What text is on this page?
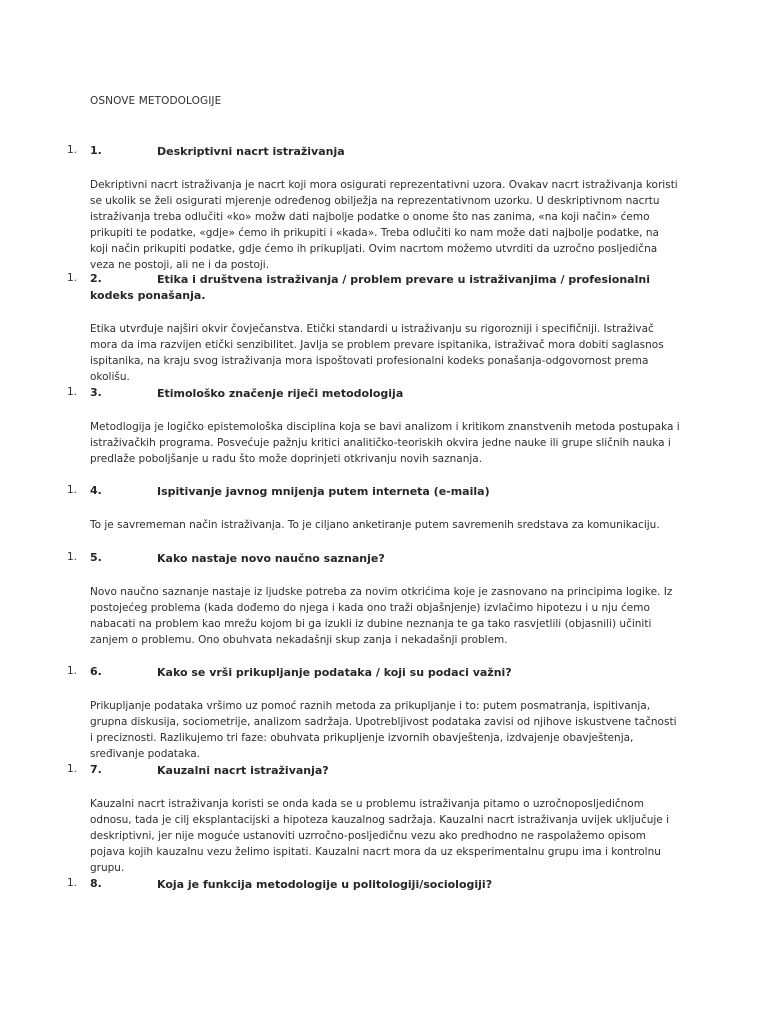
OSNOVE METODOLOGIJE
1. 1.	Deskriptivni nacrt istraživanja
Dekriptivni nacrt istraživanja je nacrt koji mora osigurati reprezentativni uzora. Ovakav nacrt istraživanja koristi se ukolik se želi osigurati mjerenje određenog obilježja na reprezentativnom uzorku. U deskriptivnom nacrtu istraživanja treba odlučiti «ko» možw dati najbolje podatke o onome što nas zanima, «na koji način» ćemo prikupiti te podatke, «gdje» ćemo ih prikupiti i «kada». Treba odlučiti ko nam može dati najbolje podatke, na koji način prikupiti podatke, gdje ćemo ih prikupljati. Ovim nacrtom možemo utvrditi da uzročno posljedična veza ne postoji, ali ne i da postoji.
1. 2.	Etika i društvena istraživanja / problem prevare u istraživanjima / profesionalni kodeks ponašanja.
Etika utvrđuje najširi okvir čovječanstva. Etički standardi u istraživanju su rigorozniji i specifičniji. Istraživač mora da ima razvijen etički senzibilitet. Javlja se problem prevare ispitanika, istraživač mora dobiti saglasnos ispitanika, na kraju svog istraživanja mora ispoštovati profesionalni kodeks ponašanja-odgovornost prema okolišu.
1. 3.	Etimološko značenje riječi metodologija
Metodlogija je logičko epistemološka disciplina koja se bavi analizom i kritikom znanstvenih metoda postupaka i istraživačkih programa. Posvećuje pažnju kritici analitičko-teoriskih okvira jedne nauke ili grupe sličnih nauka i predlaže poboljšanje u radu što može doprinjeti otkrivanju novih saznanja.
1. 4.	Ispitivanje javnog mnijenja putem interneta (e-maila)
To je savrememan način istraživanja. To je ciljano anketiranje putem savremenih sredstava za komunikaciju.
1. 5.	Kako nastaje novo naučno saznanje?
Novo naučno saznanje nastaje iz ljudske potreba za novim otkrićima koje je zasnovano na principima logike. Iz postojećeg problema (kada dođemo do njega i kada ono traži objašnjenje) izvlačimo hipotezu i u nju ćemo nabacati na problem kao mrežu kojom bi ga izukli iz dubine neznanja te ga tako rasvjetlili (objasnili) učiniti zanjem o problemu. Ono obuhvata nekadašnji skup zanja i nekadašnji problem.
1. 6.	Kako se vrši prikupljanje podataka / koji su podaci važni?
Prikupljanje podataka vršimo uz pomoć raznih metoda za prikupljanje i to: putem posmatranja, ispitivanja, grupna diskusija, sociometrije, analizom sadržaja. Upotrebljivost podataka zavisi od njihove iskustvene tačnosti i preciznosti. Razlikujemo tri faze: obuhvata prikupljenje izvornih obavještenja, izdvajenje obavještenja, sređivanje podataka.
1. 7.	Kauzalni nacrt istraživanja?
Kauzalni nacrt istraživanja koristi se onda kada se u problemu istraživanja pitamo o uzročnoposljedičnom odnosu, tada je cilj eksplantacijski a hipoteza kauzalnog sadržaja. Kauzalni nacrt istraživanja uvijek uključuje i deskriptivni, jer nije moguće ustanoviti uzrročno-posljedičnu vezu ako predhodno ne raspolažemo opisom pojava kojih kauzalnu vezu želimo ispitati. Kauzalni nacrt mora da uz eksperimentalnu grupu ima i kontrolnu grupu.
1. 8.	Koja je funkcija metodologije u politologiji/sociologiji?
